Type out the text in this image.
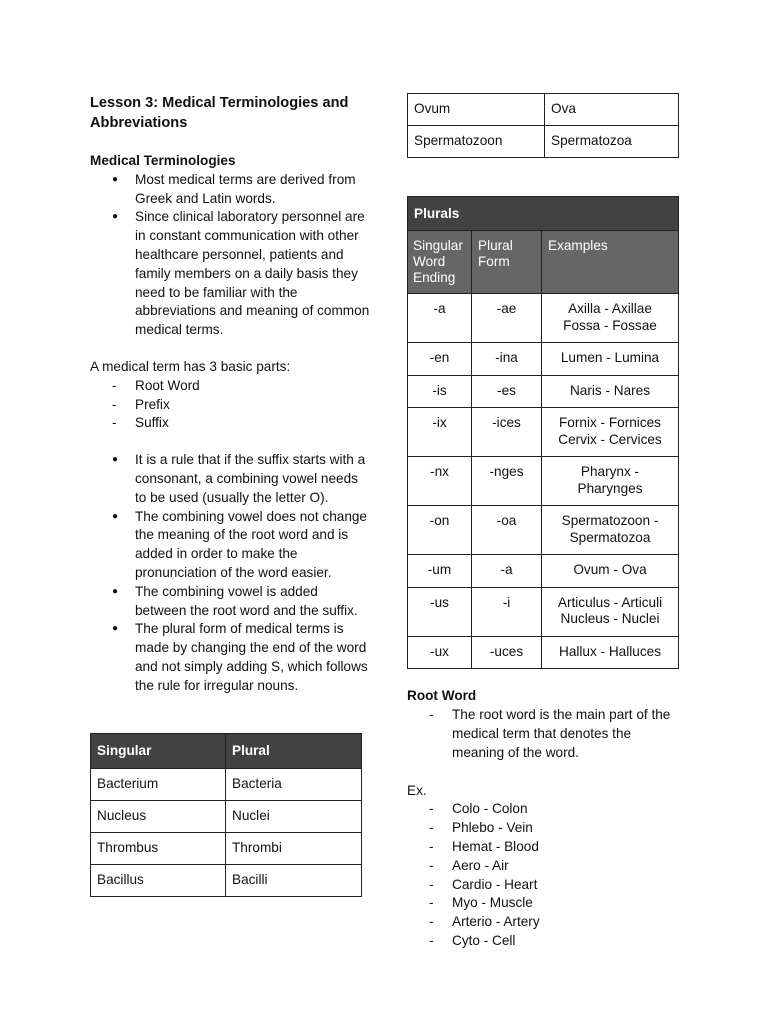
Lesson 3: Medical Terminologies and Abbreviations
Medical Terminologies
● Most medical terms are derived from Greek and Latin words.
● Since clinical laboratory personnel are in constant communication with other healthcare personnel, patients and family members on a daily basis they need to be familiar with the abbreviations and meaning of common medical terms.

A medical term has 3 basic parts:

- Root Word
- Prefix
- Suffix
● It is a rule that if the suffix starts with a consonant, a combining vowel needs to be used (usually the letter O).
● The combining vowel does not change the meaning of the root word and is added in order to make the pronunciation of the word easier.
● The combining vowel is added between the root word and the suffix.
● The plural form of medical terms is made by changing the end of the word and not simply adding S, which follows the rule for irregular nouns.
Singular	Plural
Bacterium	Bacteria
Nucleus	Nuclei
Thrombus	Thrombi
Bacillus	Bacilli
Ovum	Ova
Spermatozoon	Spermatozoa
Plurals		
Singular Word Ending	Plural Form	Examples
-a	-ae	Axilla - Axillae
Fossa - Fossae
-en	-ina	Lumen - Lumina
-is	-es	Naris - Nares
-ix	-ices	Fornix - Fornices
Cervix - Cervices
-nx	-nges	Pharynx -
Pharynges
-on	-oa	Spermatozoon -
Spermatozoa
-um	-a	Ovum - Ova
-us	-i	Articulus - Articuli
Nucleus - Nuclei
-ux	-uces	Hallux - Halluces
Root Word
- The root word is the main part of the medical term that denotes the meaning of the word.

Ex.

- Colo - Colon
- Phlebo - Vein
- Hemat - Blood
- Aero - Air
- Cardio - Heart
- Myo - Muscle
- Arterio - Artery
- Cyto - Cell
